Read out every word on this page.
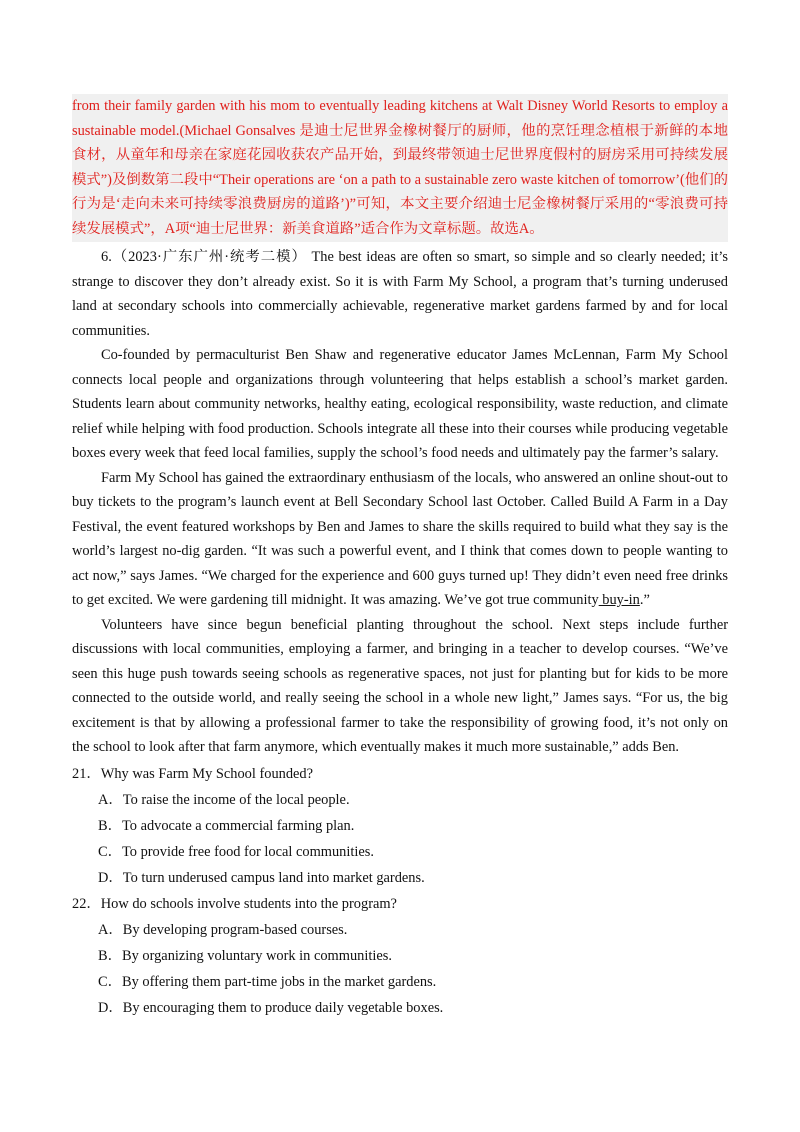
from their family garden with his mom to eventually leading kitchens at Walt Disney World Resorts to employ a sustainable model.(Michael Gonsalves 是迪士尼世界金橡树餐厅的厨师，他的烹饪理念植根于新鲜的本地食材，从童年和母亲在家庭花园收获农产品开始，到最终带领迪士尼世界度假村的厨房采用可持续发展模式”)及倒数第二段中“Their operations are ‘on a path to a sustainable zero waste kitchen of tomorrow’(他们的行为是‘走向未来可持续零浪费厨房的道路’)”可知，本文主要介绍迪士尼金橡树餐厅采用的“零浪费可持续发展模式”，A项“迪士尼世界：新美食道路”适合作为文章标题。故选A。

6.（2023·广东广州·统考二模） The best ideas are often so smart, so simple and so clearly needed; it’s strange to discover they don’t already exist. So it is with Farm My School, a program that’s turning underused land at secondary schools into commercially achievable, regenerative market gardens farmed by and for local communities.

Co-founded by permaculturist Ben Shaw and regenerative educator James McLennan, Farm My School connects local people and organizations through volunteering that helps establish a school’s market garden. Students learn about community networks, healthy eating, ecological responsibility, waste reduction, and climate relief while helping with food production. Schools integrate all these into their courses while producing vegetable boxes every week that feed local families, supply the school’s food needs and ultimately pay the farmer’s salary.

Farm My School has gained the extraordinary enthusiasm of the locals, who answered an online shout-out to buy tickets to the program’s launch event at Bell Secondary School last October. Called Build A Farm in a Day Festival, the event featured workshops by Ben and James to share the skills required to build what they say is the world’s largest no-dig garden. “It was such a powerful event, and I think that comes down to people wanting to act now,” says James. “We charged for the experience and 600 guys turned up! They didn’t even need free drinks to get excited. We were gardening till midnight. It was amazing. We’ve got true community buy-in.”

Volunteers have since begun beneficial planting throughout the school. Next steps include further discussions with local communities, employing a farmer, and bringing in a teacher to develop courses. “We’ve seen this huge push towards seeing schools as regenerative spaces, not just for planting but for kids to be more connected to the outside world, and really seeing the school in a whole new light,” James says. “For us, the big excitement is that by allowing a professional farmer to take the responsibility of growing food, it’s not only on the school to look after that farm anymore, which eventually makes it much more sustainable,” adds Ben.

21．Why was Farm My School founded?

A．To raise the income of the local people.

B．To advocate a commercial farming plan.

C．To provide free food for local communities.

D．To turn underused campus land into market gardens.

22．How do schools involve students into the program?

A．By developing program-based courses.

B．By organizing voluntary work in communities.

C．By offering them part-time jobs in the market gardens.

D．By encouraging them to produce daily vegetable boxes.
